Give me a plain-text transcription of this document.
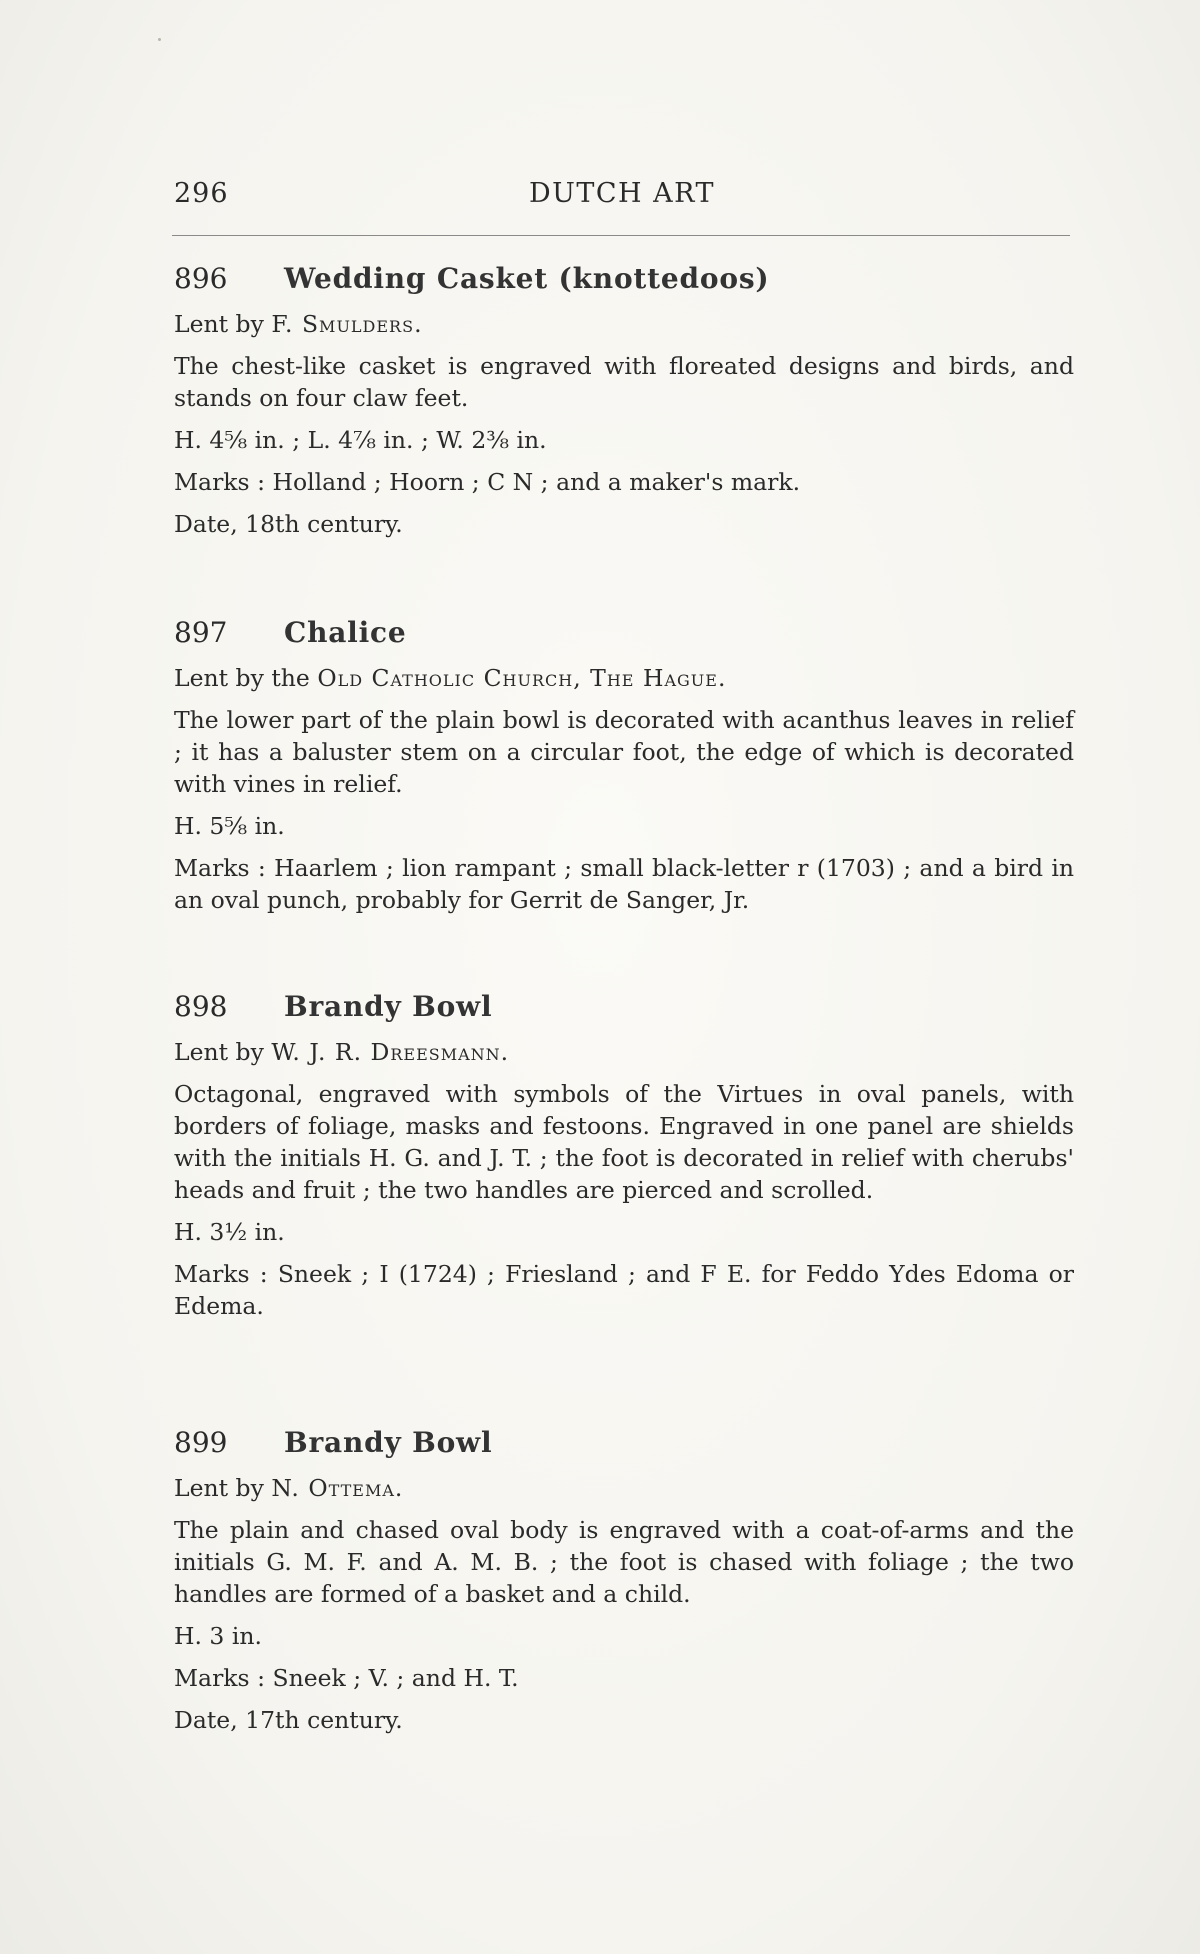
296	DUTCH ART
896 Wedding Casket (knottedoos)
Lent by F. Smulders.
The chest-like casket is engraved with floreated designs and birds, and stands on four claw feet.
H. 4⅝ in. ; L. 4⅞ in. ; W. 2⅜ in.
Marks : Holland ; Hoorn ; C N ; and a maker's mark.
Date, 18th century.
897 Chalice
Lent by the Old Catholic Church, The Hague.
The lower part of the plain bowl is decorated with acanthus leaves in relief ; it has a baluster stem on a circular foot, the edge of which is decorated with vines in relief.
H. 5⅝ in.
Marks : Haarlem ; lion rampant ; small black-letter r (1703) ; and a bird in an oval punch, probably for Gerrit de Sanger, Jr.
898 Brandy Bowl
Lent by W. J. R. Dreesmann.
Octagonal, engraved with symbols of the Virtues in oval panels, with borders of foliage, masks and festoons. Engraved in one panel are shields with the initials H. G. and J. T. ; the foot is decorated in relief with cherubs' heads and fruit ; the two handles are pierced and scrolled.
H. 3½ in.
Marks : Sneek ; I (1724) ; Friesland ; and F E. for Feddo Ydes Edoma or Edema.
899 Brandy Bowl
Lent by N. Ottema.
The plain and chased oval body is engraved with a coat-of-arms and the initials G. M. F. and A. M. B. ; the foot is chased with foliage ; the two handles are formed of a basket and a child.
H. 3 in.
Marks : Sneek ; V. ; and H. T.
Date, 17th century.
